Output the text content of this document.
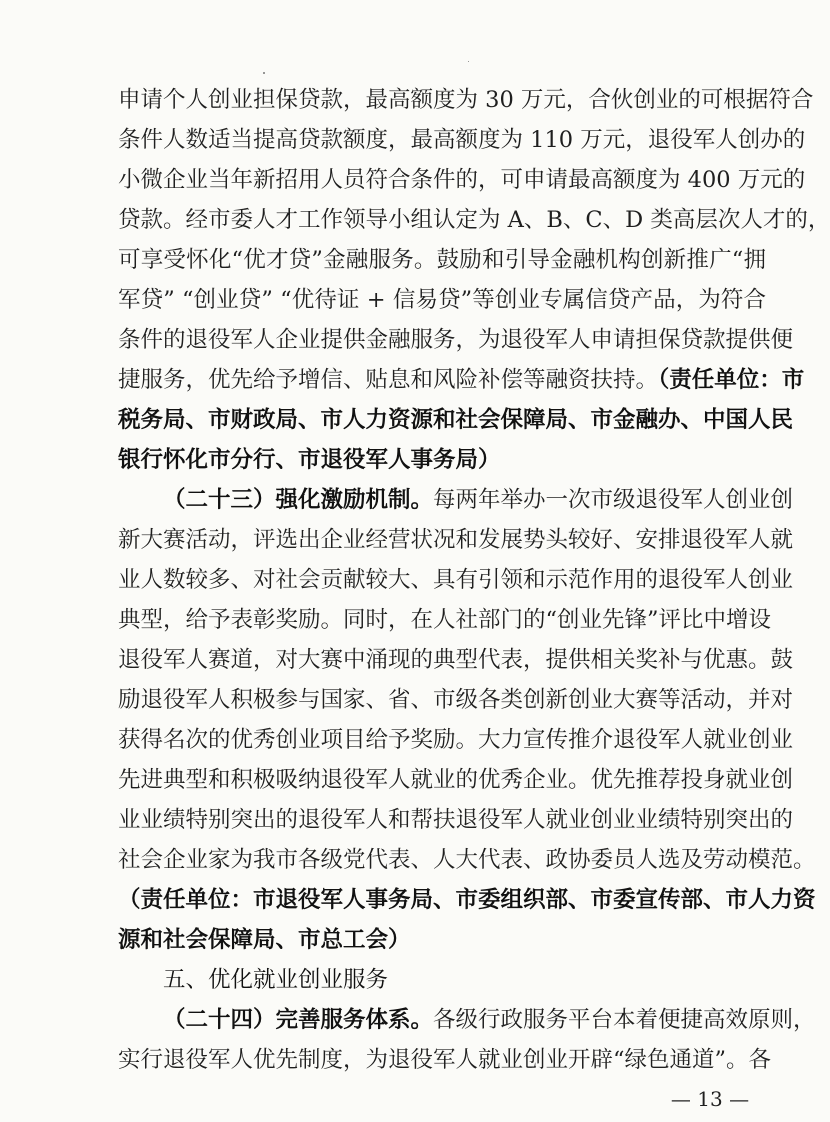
申请个人创业担保贷款，最高额度为 30 万元，合伙创业的可根据符合
条件人数适当提高贷款额度，最高额度为 110 万元，退役军人创办的
小微企业当年新招用人员符合条件的，可申请最高额度为 400 万元的
贷款。经市委人才工作领导小组认定为 A、B、C、D 类高层次人才的，
可享受怀化“优才贷”金融服务。鼓励和引导金融机构创新推广“拥
军贷” “创业贷” “优待证 + 信易贷”等创业专属信贷产品，为符合
条件的退役军人企业提供金融服务，为退役军人申请担保贷款提供便
捷服务，优先给予增信、贴息和风险补偿等融资扶持。（责任单位：市
税务局、市财政局、市人力资源和社会保障局、市金融办、中国人民
银行怀化市分行、市退役军人事务局）
（二十三）强化激励机制。每两年举办一次市级退役军人创业创
新大赛活动，评选出企业经营状况和发展势头较好、安排退役军人就
业人数较多、对社会贡献较大、具有引领和示范作用的退役军人创业
典型，给予表彰奖励。同时，在人社部门的“创业先锋”评比中增设
退役军人赛道，对大赛中涌现的典型代表，提供相关奖补与优惠。鼓
励退役军人积极参与国家、省、市级各类创新创业大赛等活动，并对
获得名次的优秀创业项目给予奖励。大力宣传推介退役军人就业创业
先进典型和积极吸纳退役军人就业的优秀企业。优先推荐投身就业创
业业绩特别突出的退役军人和帮扶退役军人就业创业业绩特别突出的
社会企业家为我市各级党代表、人大代表、政协委员人选及劳动模范。
（责任单位：市退役军人事务局、市委组织部、市委宣传部、市人力资
源和社会保障局、市总工会）
五、优化就业创业服务
（二十四）完善服务体系。各级行政服务平台本着便捷高效原则，
实行退役军人优先制度，为退役军人就业创业开辟“绿色通道”。各
— 13 —
